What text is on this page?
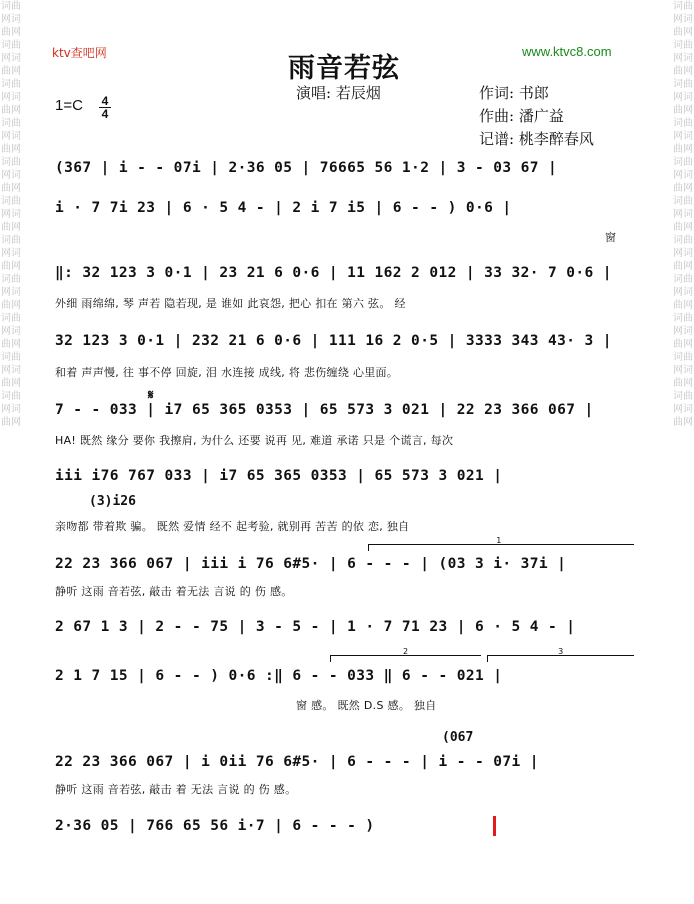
词曲网词曲网词曲网词曲网词曲网词曲网词曲网词曲网词曲网词曲网词曲网词曲网词曲网词曲网词曲网词曲网词曲网词曲网词曲网词曲网词曲网词曲网
词曲网词曲网词曲网词曲网词曲网词曲网词曲网词曲网词曲网词曲网词曲网词曲网词曲网词曲网词曲网词曲网词曲网词曲网词曲网词曲网词曲网词曲网
ktv查吧网	www.ktvc8.com
雨音若弦
演唱: 若辰烟	作词: 书郎
作曲: 潘广益
记谱: 桃李醉春风
1=C 4
4
(367 | i - - 07i | 2·36 05 | 76665 56 1·2 | 3 - 03 67 |
i · 7 7i 23 | 6 · 5 4 - | 2 i 7 i5 | 6 - - ) 0·6 |
窗
‖: 32 123 3 0·1 | 23 21 6 0·6 | 11 162 2 012 | 33 32· 7 0·6 |
外细 雨绵绵, 琴 声若 隐若现, 是 谁如 此哀怨, 把心 扣在 第六 弦。 经
32 123 3 0·1 | 232 21 6 0·6 | 111 16 2 0·5 | 3333 343 43· 3 |
和着 声声慢, 往 事不停 回旋, 泪 水连接 成线, 将 悲伤缠绕 心里面。
𝄋
7 - - 033 | i7 65 365 0353 | 65 573 3 021 | 22 23 366 067 |
HA! 既然 缘分 要你 我擦肩, 为什么 还要 说再 见, 难道 承诺 只是 个谎言, 每次
iii i76 767 033 | i7 65 365 0353 | 65 573 3 021 |
(3)i26
亲吻都 带着欺 骗。 既然 爱情 经不 起考验, 就别再 苦苦 的依 恋, 独自
1
22 23 366 067 | iii i 76 6#5· | 6 - - - | (03 3 i· 37i |
静听 这雨 音若弦, 敲击 着无法 言说 的 伤 感。
2 67 1 3 | 2 - - 75 | 3 - 5 - | 1 · 7 71 23 | 6 · 5 4 - |
2	3
2 1 7 15 | 6 - - ) 0·6 :‖ 6 - - 033 ‖ 6 - - 021 |
窗 感。 既然 D.S 感。 独自
(067
22 23 366 067 | i 0ii 76 6#5· | 6 - - - | i - - 07i |
静听 这雨 音若弦, 敲击 着 无法 言说 的 伤 感。
2·36 05 | 766 65 56 i·7 | 6 - - - )
